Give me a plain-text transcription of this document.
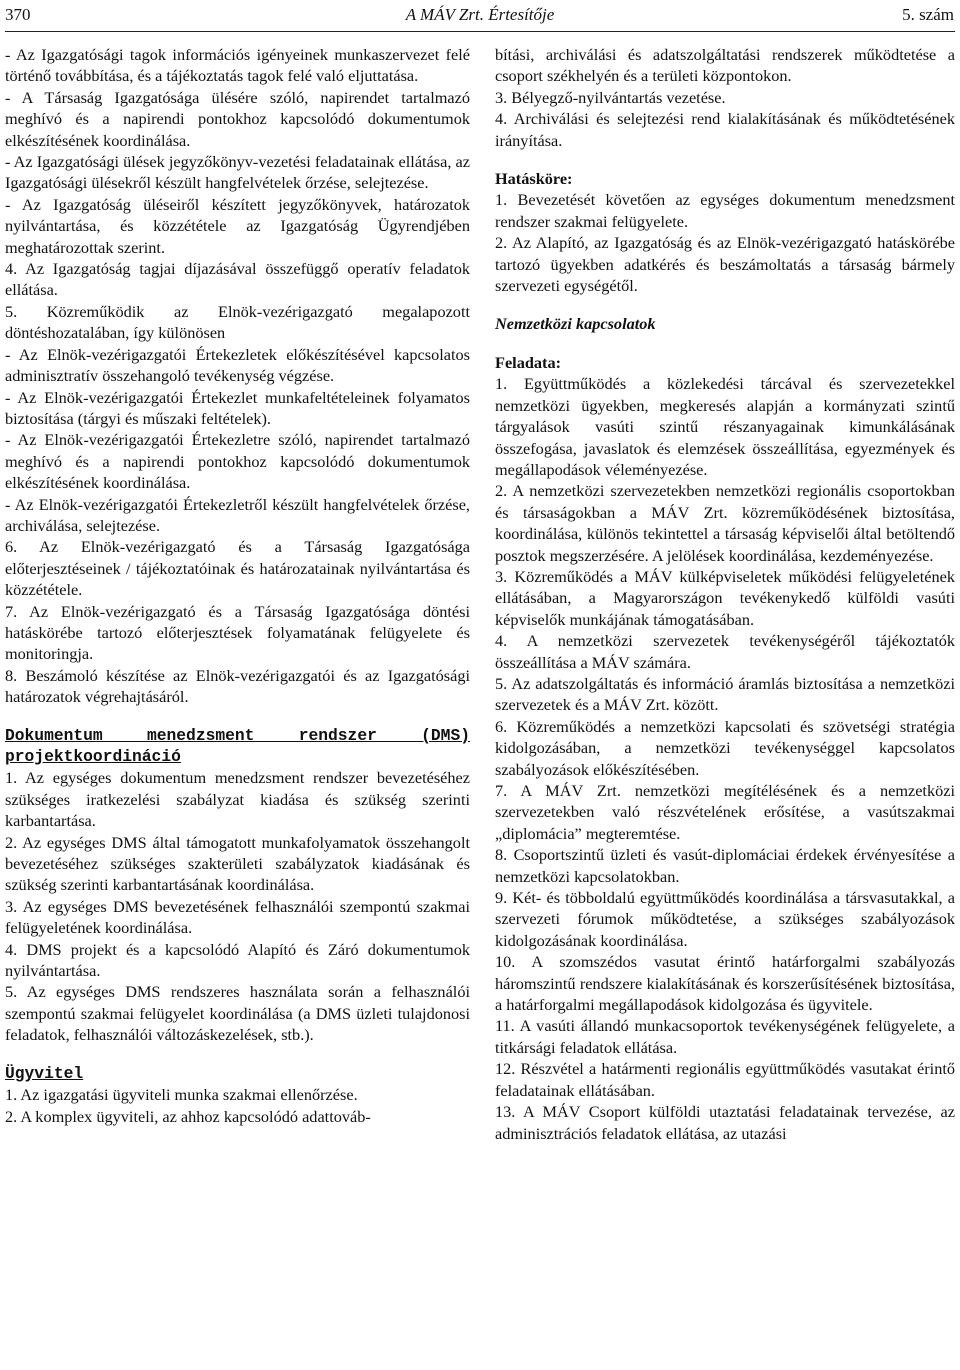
370	A MÁV Zrt. Értesítője	5. szám

- Az Igazgatósági tagok információs igényeinek munkaszervezet felé történő továbbítása, és a tájékoztatás tagok felé való eljuttatása.

- A Társaság Igazgatósága ülésére szóló, napirendet tartalmazó meghívó és a napirendi pontokhoz kapcsolódó dokumentumok elkészítésének koordinálása.

- Az Igazgatósági ülések jegyzőkönyv-vezetési feladatainak ellátása, az Igazgatósági ülésekről készült hangfelvételek őrzése, selejtezése.

- Az Igazgatóság üléseiről készített jegyzőkönyvek, határozatok nyilvántartása, és közzététele az Igazgatóság Ügyrendjében meghatározottak szerint.

4. Az Igazgatóság tagjai díjazásával összefüggő operatív feladatok ellátása.

5. Közreműködik az Elnök-vezérigazgató megalapozott döntéshozatalában, így különösen

- Az Elnök-vezérigazgatói Értekezletek előkészítésével kapcsolatos adminisztratív összehangoló tevékenység végzése.

- Az Elnök-vezérigazgatói Értekezlet munkafeltételeinek folyamatos biztosítása (tárgyi és műszaki feltételek).

- Az Elnök-vezérigazgatói Értekezletre szóló, napirendet tartalmazó meghívó és a napirendi pontokhoz kapcsolódó dokumentumok elkészítésének koordinálása.

- Az Elnök-vezérigazgatói Értekezletről készült hangfelvételek őrzése, archiválása, selejtezése.

6. Az Elnök-vezérigazgató és a Társaság Igazgatósága előterjesztéseinek / tájékoztatóinak és határozatainak nyilvántartása és közzététele.

7. Az Elnök-vezérigazgató és a Társaság Igazgatósága döntési hatáskörébe tartozó előterjesztések folyamatának felügyelete és monitoringja.

8. Beszámoló készítése az Elnök-vezérigazgatói és az Igazgatósági határozatok végrehajtásáról.

Dokumentum menedzsment rendszer (DMS) projektkoordináció

1. Az egységes dokumentum menedzsment rendszer bevezetéséhez szükséges iratkezelési szabályzat kiadása és szükség szerinti karbantartása.

2. Az egységes DMS által támogatott munkafolyamatok összehangolt bevezetéséhez szükséges szakterületi szabályzatok kiadásának és szükség szerinti karbantartásának koordinálása.

3. Az egységes DMS bevezetésének felhasználói szempontú szakmai felügyeletének koordinálása.

4. DMS projekt és a kapcsolódó Alapító és Záró dokumentumok nyilvántartása.

5. Az egységes DMS rendszeres használata során a felhasználói szempontú szakmai felügyelet koordinálása (a DMS üzleti tulajdonosi feladatok, felhasználói változáskezelések, stb.).

Ügyvitel

1. Az igazgatási ügyviteli munka szakmai ellenőrzése.

2. A komplex ügyviteli, az ahhoz kapcsolódó adattováb-

bítási, archiválási és adatszolgáltatási rendszerek működtetése a csoport székhelyén és a területi központokon.

3. Bélyegző-nyilvántartás vezetése.

4. Archiválási és selejtezési rend kialakításának és működtetésének irányítása.

Hatásköre:

1. Bevezetését követően az egységes dokumentum menedzsment rendszer szakmai felügyelete.

2. Az Alapító, az Igazgatóság és az Elnök-vezérigazgató hatáskörébe tartozó ügyekben adatkérés és beszámoltatás a társaság bármely szervezeti egységétől.

Nemzetközi kapcsolatok

Feladata:

1. Együttműködés a közlekedési tárcával és szervezetekkel nemzetközi ügyekben, megkeresés alapján a kormányzati szintű tárgyalások vasúti szintű részanyagainak kimunkálásának összefogása, javaslatok és elemzések összeállítása, egyezmények és megállapodások véleményezése.

2. A nemzetközi szervezetekben nemzetközi regionális csoportokban és társaságokban a MÁV Zrt. közreműködésének biztosítása, koordinálása, különös tekintettel a társaság képviselői által betöltendő posztok megszerzésére. A jelölések koordinálása, kezdeményezése.

3. Közreműködés a MÁV külképviseletek működési felügyeletének ellátásában, a Magyarországon tevékenykedő külföldi vasúti képviselők munkájának támogatásában.

4. A nemzetközi szervezetek tevékenységéről tájékoztatók összeállítása a MÁV számára.

5. Az adatszolgáltatás és információ áramlás biztosítása a nemzetközi szervezetek és a MÁV Zrt. között.

6. Közreműködés a nemzetközi kapcsolati és szövetségi stratégia kidolgozásában, a nemzetközi tevékenységgel kapcsolatos szabályozások előkészítésében.

7. A MÁV Zrt. nemzetközi megítélésének és a nemzetközi szervezetekben való részvételének erősítése, a vasútszakmai „diplomácia” megteremtése.

8. Csoportszintű üzleti és vasút-diplomáciai érdekek érvényesítése a nemzetközi kapcsolatokban.

9. Két- és többoldalú együttműködés koordinálása a társvasutakkal, a szervezeti fórumok működtetése, a szükséges szabályozások kidolgozásának koordinálása.

10. A szomszédos vasutat érintő határforgalmi szabályozás háromszintű rendszere kialakításának és korszerűsítésének biztosítása, a határforgalmi megállapodások kidolgozása és ügyvitele.

11. A vasúti állandó munkacsoportok tevékenységének felügyelete, a titkársági feladatok ellátása.

12. Részvétel a határmenti regionális együttműködés vasutakat érintő feladatainak ellátásában.

13. A MÁV Csoport külföldi utaztatási feladatainak tervezése, az adminisztrációs feladatok ellátása, az utazási
